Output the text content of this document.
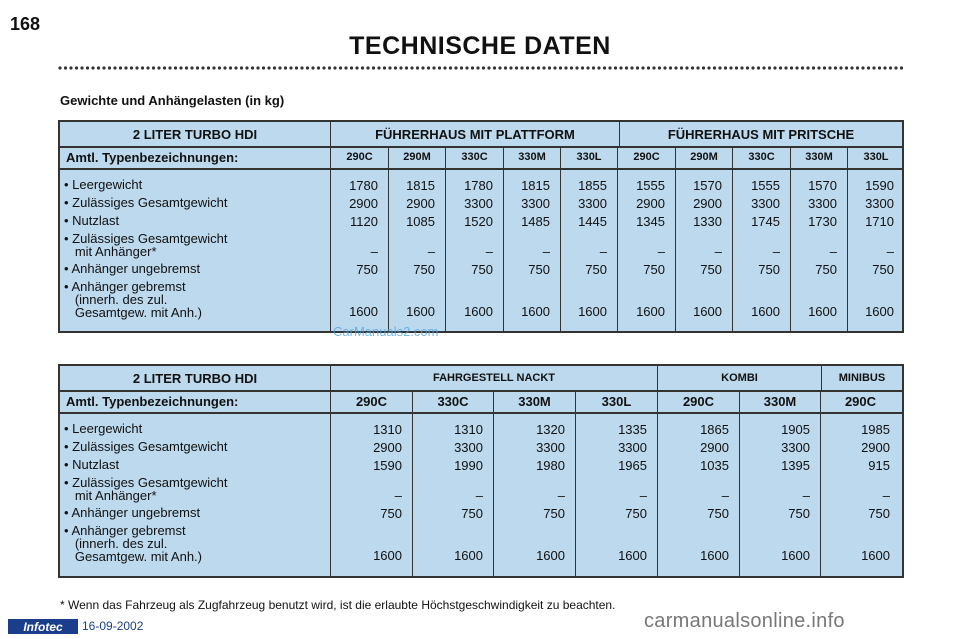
168
TECHNISCHE DATEN
Gewichte und Anhängelasten (in kg)
2 LITER TURBO HDI	FÜHRERHAUS MIT PLATTFORM	FÜHRERHAUS MIT PRITSCHE
Amtl. Typenbezeichnungen:	290C	290M	330C	330M	330L	290C	290M	330C	330M	330L
• Leergewicht	1780	1815	1780	1815	1855	1555	1570	1555	1570	1590
• Zulässiges Gesamtgewicht	2900	2900	3300	3300	3300	2900	2900	3300	3300	3300
• Nutzlast	1120	1085	1520	1485	1445	1345	1330	1745	1730	1710
• Zulässiges Gesamtgewicht
mit Anhänger*	–	–	–	–	–	–	–	–	–	–
• Anhänger ungebremst	750	750	750	750	750	750	750	750	750	750
• Anhänger gebremst
(innerh. des zul.
Gesamtgew. mit Anh.)	1600	1600	1600	1600	1600	1600	1600	1600	1600	1600
CarManuals2.com
2 LITER TURBO HDI	FAHRGESTELL NACKT	KOMBI	MINIBUS
Amtl. Typenbezeichnungen:	290C	330C	330M	330L	290C	330M	290C
• Leergewicht	1310	1310	1320	1335	1865	1905	1985
• Zulässiges Gesamtgewicht	2900	3300	3300	3300	2900	3300	2900
• Nutzlast	1590	1990	1980	1965	1035	1395	915
• Zulässiges Gesamtgewicht
mit Anhänger*	–	–	–	–	–	–	–
• Anhänger ungebremst	750	750	750	750	750	750	750
• Anhänger gebremst
(innerh. des zul.
Gesamtgew. mit Anh.)	1600	1600	1600	1600	1600	1600	1600
* Wenn das Fahrzeug als Zugfahrzeug benutzt wird, ist die erlaubte Höchstgeschwindigkeit zu beachten.
Infotec	16-09-2002	carmanualsonline.info
